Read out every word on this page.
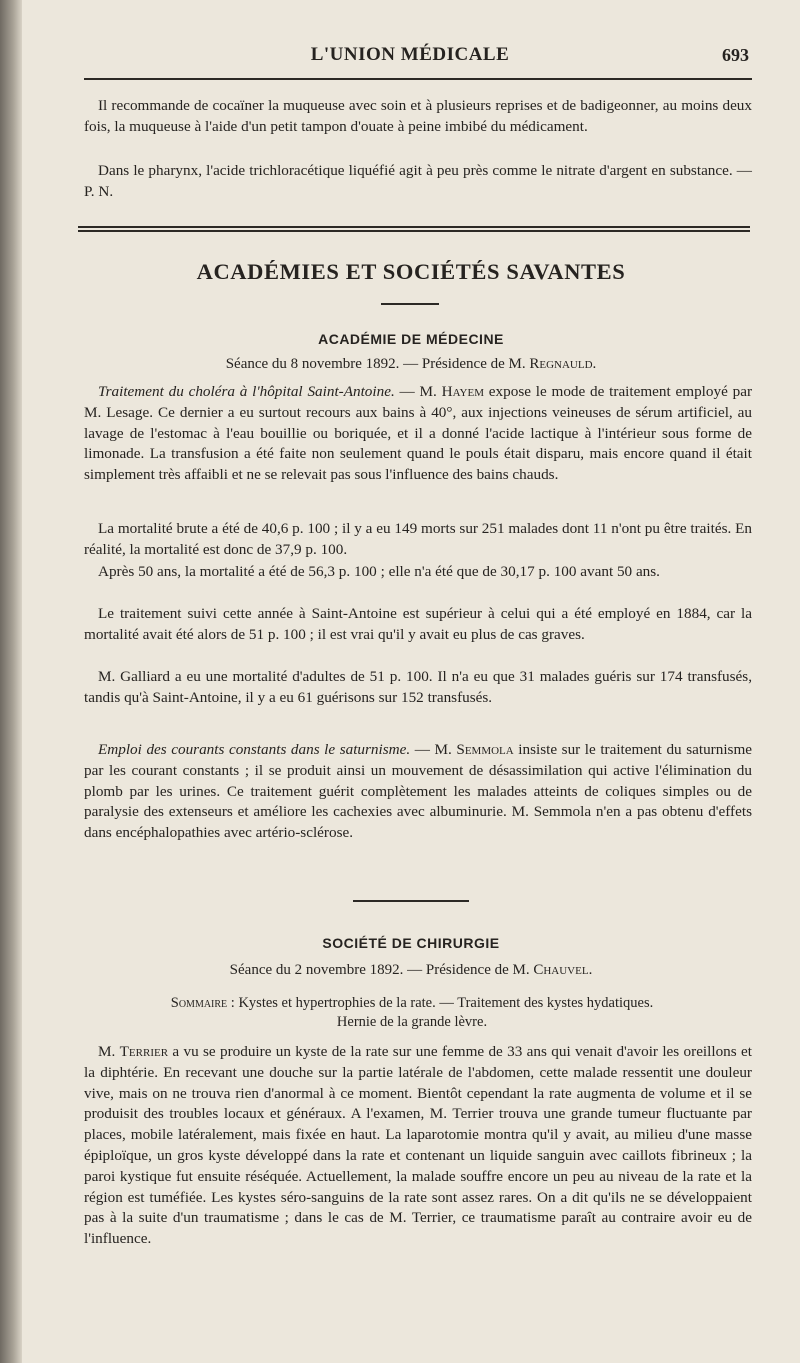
L'UNION MÉDICALE	693

Il recommande de cocaïner la muqueuse avec soin et à plusieurs reprises et de badigeonner, au moins deux fois, la muqueuse à l'aide d'un petit tampon d'ouate à peine imbibé du médicament.

Dans le pharynx, l'acide trichloracétique liquéfié agit à peu près comme le nitrate d'argent en substance. — P. N.

ACADÉMIES ET SOCIÉTÉS SAVANTES
ACADÉMIE DE MÉDECINE
Séance du 8 novembre 1892. — Présidence de M. Regnauld.

Traitement du choléra à l'hôpital Saint-Antoine. — M. Hayem expose le mode de traitement employé par M. Lesage. Ce dernier a eu surtout recours aux bains à 40°, aux injections veineuses de sérum artificiel, au lavage de l'estomac à l'eau bouillie ou boriquée, et il a donné l'acide lactique à l'intérieur sous forme de limonade. La transfusion a été faite non seulement quand le pouls était disparu, mais encore quand il était simplement très affaibli et ne se relevait pas sous l'influence des bains chauds.

La mortalité brute a été de 40,6 p. 100 ; il y a eu 149 morts sur 251 malades dont 11 n'ont pu être traités. En réalité, la mortalité est donc de 37,9 p. 100.

Après 50 ans, la mortalité a été de 56,3 p. 100 ; elle n'a été que de 30,17 p. 100 avant 50 ans.

Le traitement suivi cette année à Saint-Antoine est supérieur à celui qui a été employé en 1884, car la mortalité avait été alors de 51 p. 100 ; il est vrai qu'il y avait eu plus de cas graves.

M. Galliard a eu une mortalité d'adultes de 51 p. 100. Il n'a eu que 31 malades guéris sur 174 transfusés, tandis qu'à Saint-Antoine, il y a eu 61 guérisons sur 152 transfusés.

Emploi des courants constants dans le saturnisme. — M. Semmola insiste sur le traitement du saturnisme par les courant constants ; il se produit ainsi un mouvement de désassimilation qui active l'élimination du plomb par les urines. Ce traitement guérit complètement les malades atteints de coliques simples ou de paralysie des extenseurs et améliore les cachexies avec albuminurie. M. Semmola n'en a pas obtenu d'effets dans encéphalopathies avec artério-sclérose.

SOCIÉTÉ DE CHIRURGIE
Séance du 2 novembre 1892. — Présidence de M. Chauvel.
Sommaire : Kystes et hypertrophies de la rate. — Traitement des kystes hydatiques.
Hernie de la grande lèvre.

M. Terrier a vu se produire un kyste de la rate sur une femme de 33 ans qui venait d'avoir les oreillons et la diphtérie. En recevant une douche sur la partie latérale de l'abdomen, cette malade ressentit une douleur vive, mais on ne trouva rien d'anormal à ce moment. Bientôt cependant la rate augmenta de volume et il se produisit des troubles locaux et généraux. A l'examen, M. Terrier trouva une grande tumeur fluctuante par places, mobile latéralement, mais fixée en haut. La laparotomie montra qu'il y avait, au milieu d'une masse épiploïque, un gros kyste développé dans la rate et contenant un liquide sanguin avec caillots fibrineux ; la paroi kystique fut ensuite réséquée. Actuellement, la malade souffre encore un peu au niveau de la rate et la région est tuméfiée. Les kystes séro-sanguins de la rate sont assez rares. On a dit qu'ils ne se développaient pas à la suite d'un traumatisme ; dans le cas de M. Terrier, ce traumatisme paraît au contraire avoir eu de l'influence.
